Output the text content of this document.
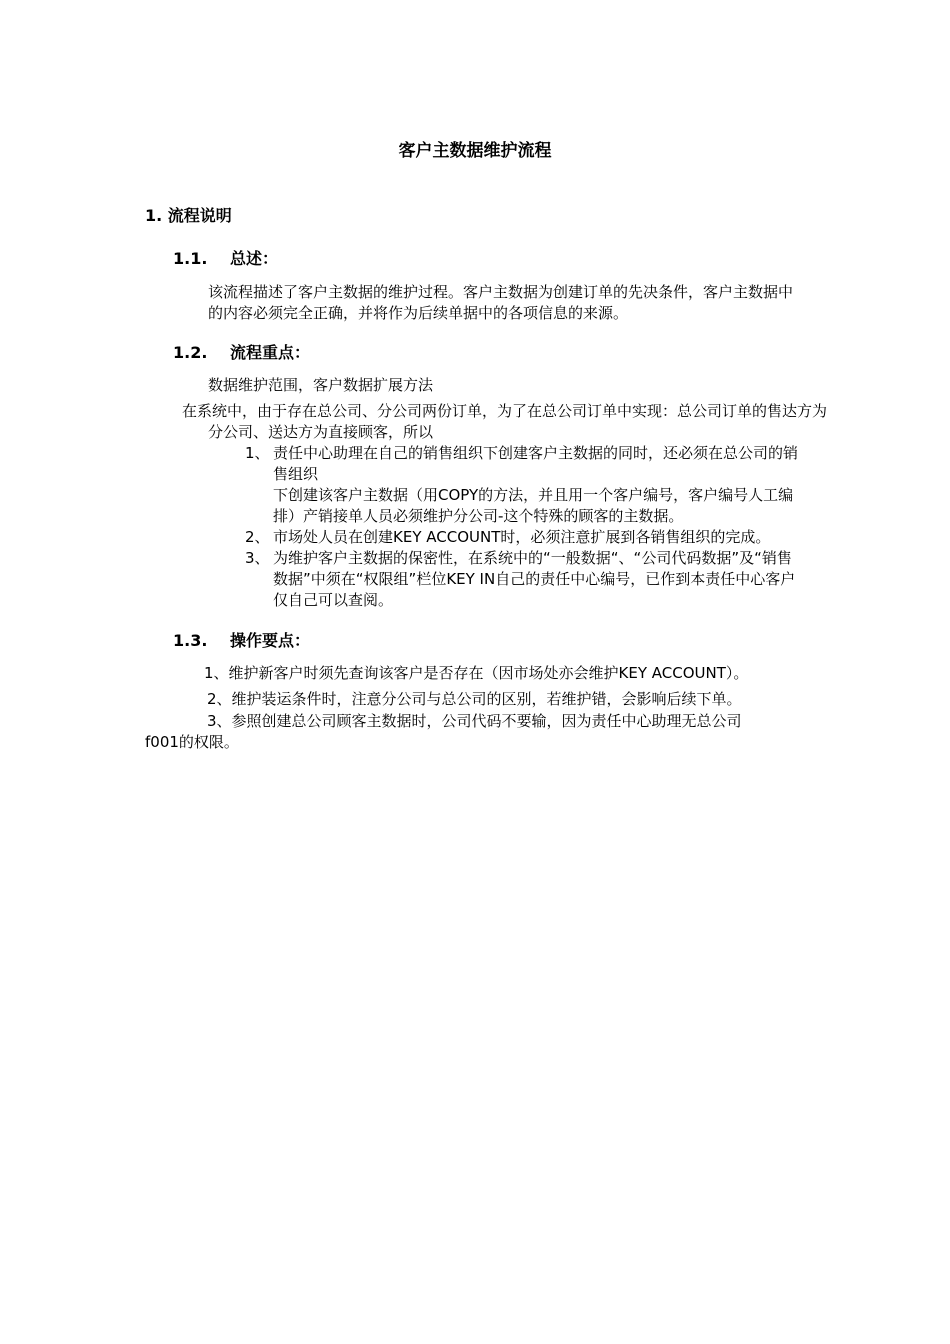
客户主数据维护流程
1. 流程说明
1.1. 总述：

该流程描述了客户主数据的维护过程。客户主数据为创建订单的先决条件，客户主数据中的内容必须完全正确，并将作为后续单据中的各项信息的来源。

1.2. 流程重点：

数据维护范围，客户数据扩展方法

在系统中，由于存在总公司、分公司两份订单，为了在总公司订单中实现：总公司订单的售达方为分公司、送达方为直接顾客，所以

1、 责任中心助理在自己的销售组织下创建客户主数据的同时，还必须在总公司的销售组织
下创建该客户主数据（用COPY的方法，并且用一个客户编号，客户编号人工编排）产销接单人员必须维护分公司-这个特殊的顾客的主数据。
2、 市场处人员在创建KEY ACCOUNT时，必须注意扩展到各销售组织的完成。
3、 为维护客户主数据的保密性，在系统中的“一般数据“、“公司代码数据”及“销售数据”中须在“权限组”栏位KEY IN自己的责任中心编号，已作到本责任中心客户仅自己可以查阅。
1.3. 操作要点：

1、维护新客户时须先查询该客户是否存在（因市场处亦会维护KEY ACCOUNT）。

2、维护装运条件时，注意分公司与总公司的区别，若维护错，会影响后续下单。

3、参照创建总公司顾客主数据时，公司代码不要输，因为责任中心助理无总公司

f001的权限。
